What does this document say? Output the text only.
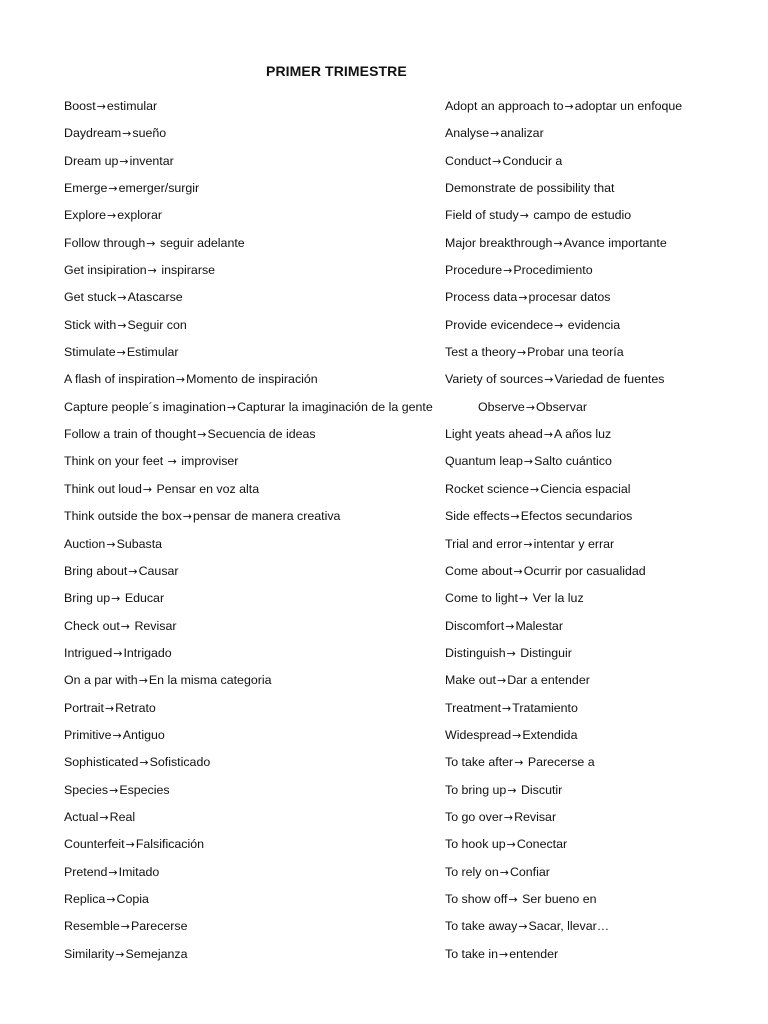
PRIMER TRIMESTRE
Boost→estimular
Daydream→sueño
Dream up→inventar
Emerge→emerger/surgir
Explore→explorar
Follow through→ seguir adelante
Get insipiration→ inspirarse
Get stuck→Atascarse
Stick with→Seguir con
Stimulate→Estimular
A flash of inspiration→Momento de inspiración
Capture people´s imagination→Capturar la imaginación de la gente
Follow a train of thought→Secuencia de ideas
Think on your feet → improviser
Think out loud→ Pensar en voz alta
Think outside the box→pensar de manera creativa
Auction→Subasta
Bring about→Causar
Bring up→ Educar
Check out→ Revisar
Intrigued→Intrigado
On a par with→En la misma categoria
Portrait→Retrato
Primitive→Antiguo
Sophisticated→Sofisticado
Species→Especies
Actual→Real
Counterfeit→Falsificación
Pretend→Imitado
Replica→Copia
Resemble→Parecerse
Similarity→Semejanza
Adopt an approach to→adoptar un enfoque
Analyse→analizar
Conduct→Conducir a
Demonstrate de possibility that
Field of study→ campo de estudio
Major breakthrough→Avance importante
Procedure→Procedimiento
Process data→procesar datos
Provide evicendece→ evidencia
Test a theory→Probar una teoría
Variety of sources→Variedad de fuentes
Observe→Observar
Light yeats ahead→A años luz
Quantum leap→Salto cuántico
Rocket science→Ciencia espacial
Side effects→Efectos secundarios
Trial and error→intentar y errar
Come about→Ocurrir por casualidad
Come to light→ Ver la luz
Discomfort→Malestar
Distinguish→ Distinguir
Make out→Dar a entender
Treatment→Tratamiento
Widespread→Extendida
To take after→ Parecerse a
To bring up→ Discutir
To go over→Revisar
To hook up→Conectar
To rely on→Confiar
To show off→ Ser bueno en
To take away→Sacar, llevar…
To take in→entender
